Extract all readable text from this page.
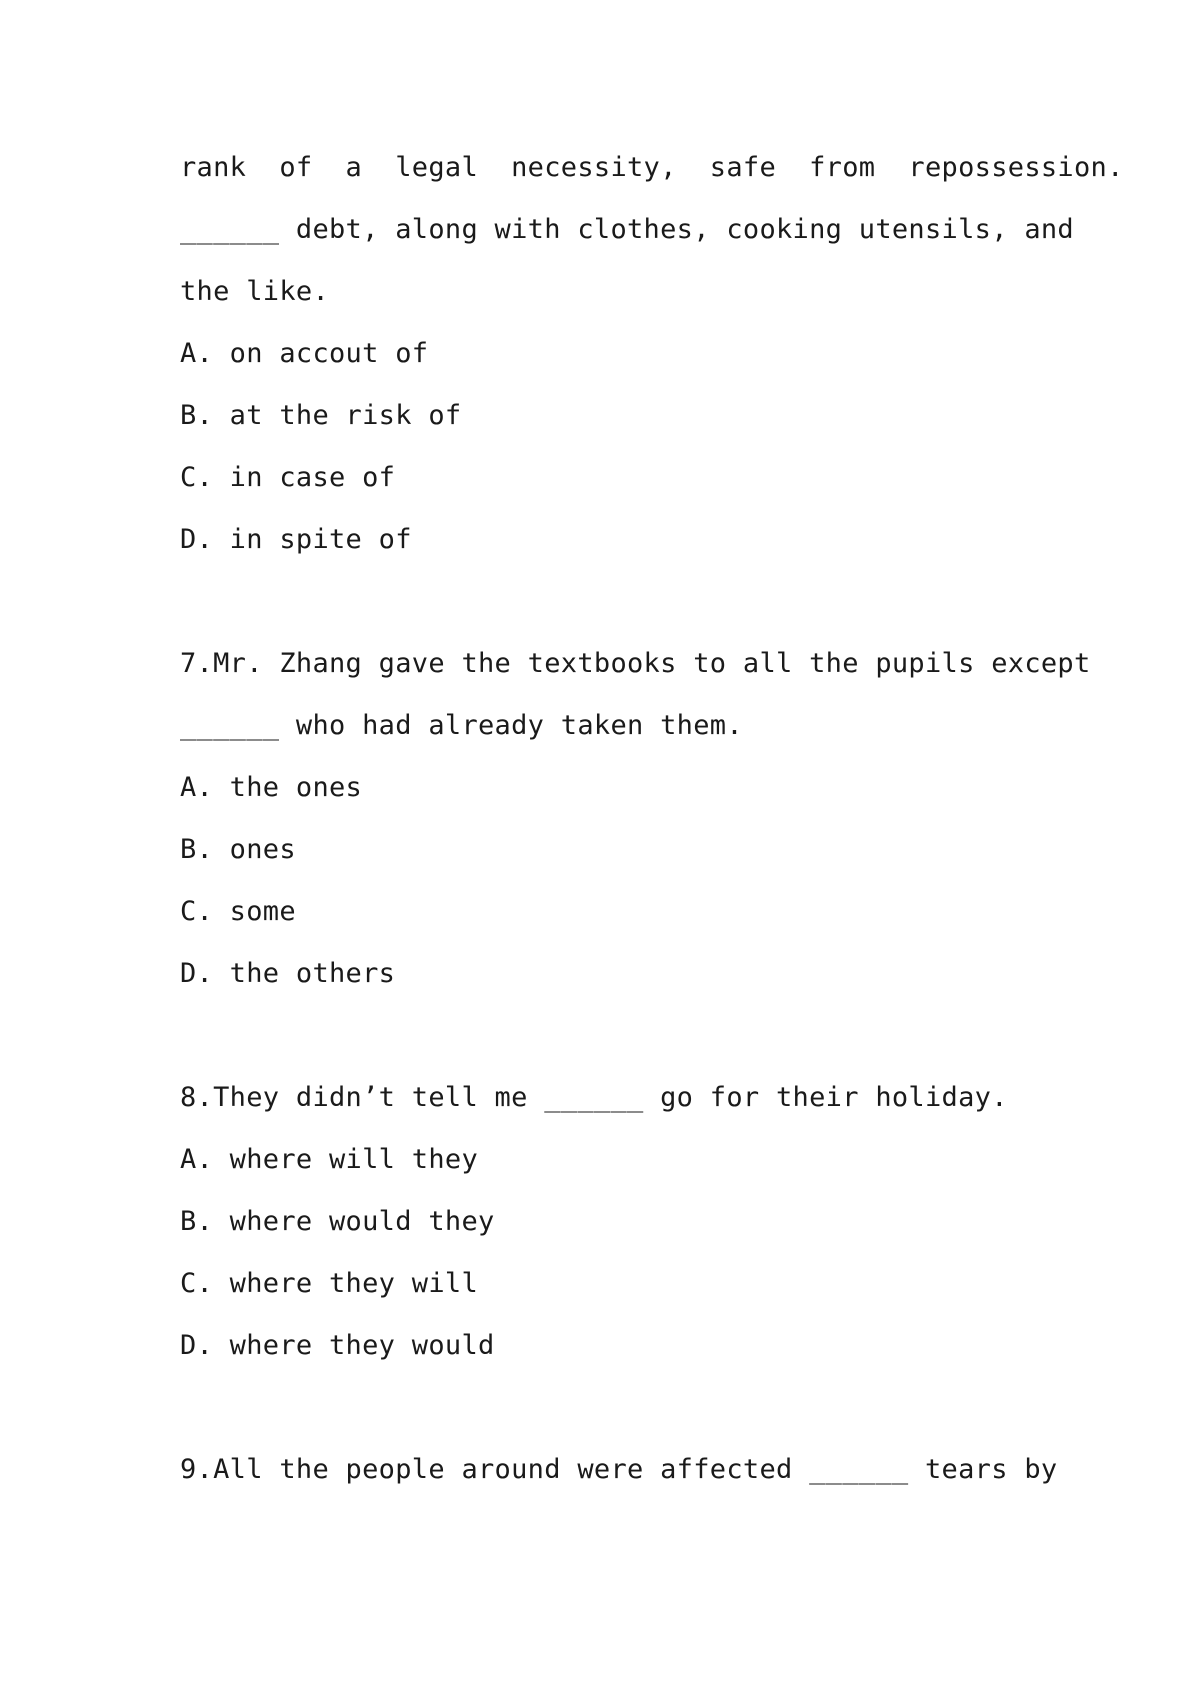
rank  of  a  legal  necessity,  safe  from  repossession.
______ debt, along with clothes, cooking utensils, and
the like.
A. on accout of
B. at the risk of
C. in case of
D. in spite of
7.Mr. Zhang gave the textbooks to all the pupils except
______ who had already taken them.
A. the ones
B. ones
C. some
D. the others
8.They didn’t tell me ______ go for their holiday.
A. where will they
B. where would they
C. where they will
D. where they would
9.All the people around were affected ______ tears by
